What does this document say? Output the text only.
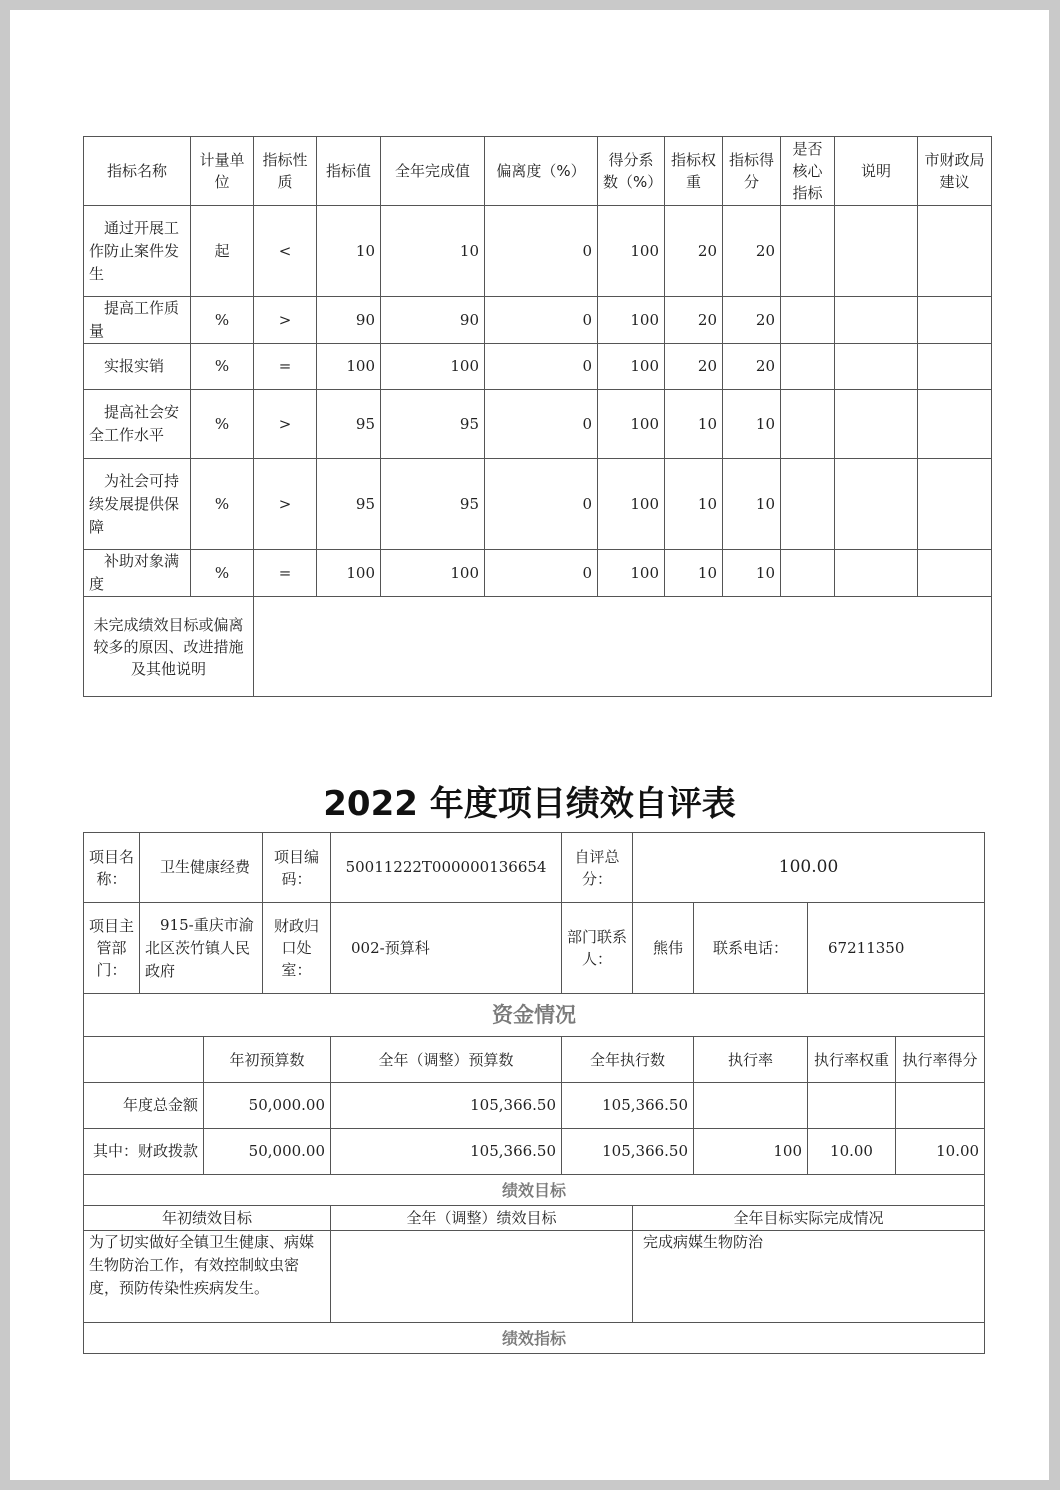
指标名称	计量单位	指标性质	指标值	全年完成值	偏离度（%）	得分系数（%）	指标权重	指标得分	是否核心指标	说明	市财政局建议
通过开展工作防止案件发生	起	<	10	10	0	100	20	20			
提高工作质量	%	>	90	90	0	100	20	20			
实报实销	%	=	100	100	0	100	20	20			
提高社会安全工作水平	%	>	95	95	0	100	10	10			
为社会可持续发展提供保障	%	>	95	95	0	100	10	10			
补助对象满度	%	=	100	100	0	100	10	10			
未完成绩效目标或偏离较多的原因、改进措施及其他说明											
2022 年度项目绩效自评表
项目名称：	卫生健康经费		项目编码：	50011222T000000136654	自评总分：	100.00			
项目主管部门：	915-重庆市渝北区茨竹镇人民政府		财政归口处室：	002-预算科	部门联系人：	熊伟	联系电话：	67211350	
资金情况									
		年初预算数		全年（调整）预算数	全年执行数		执行率	执行率权重	执行率得分
年度总金额		50,000.00		105,366.50	105,366.50				
其中：财政拨款		50,000.00		105,366.50	105,366.50		100	10.00	10.00
绩效目标									
年初绩效目标				全年（调整）绩效目标		全年目标实际完成情况			
为了切实做好全镇卫生健康、病媒生物防治工作，有效控制蚊虫密度，预防传染性疾病发生。						完成病媒生物防治			
绩效指标									
